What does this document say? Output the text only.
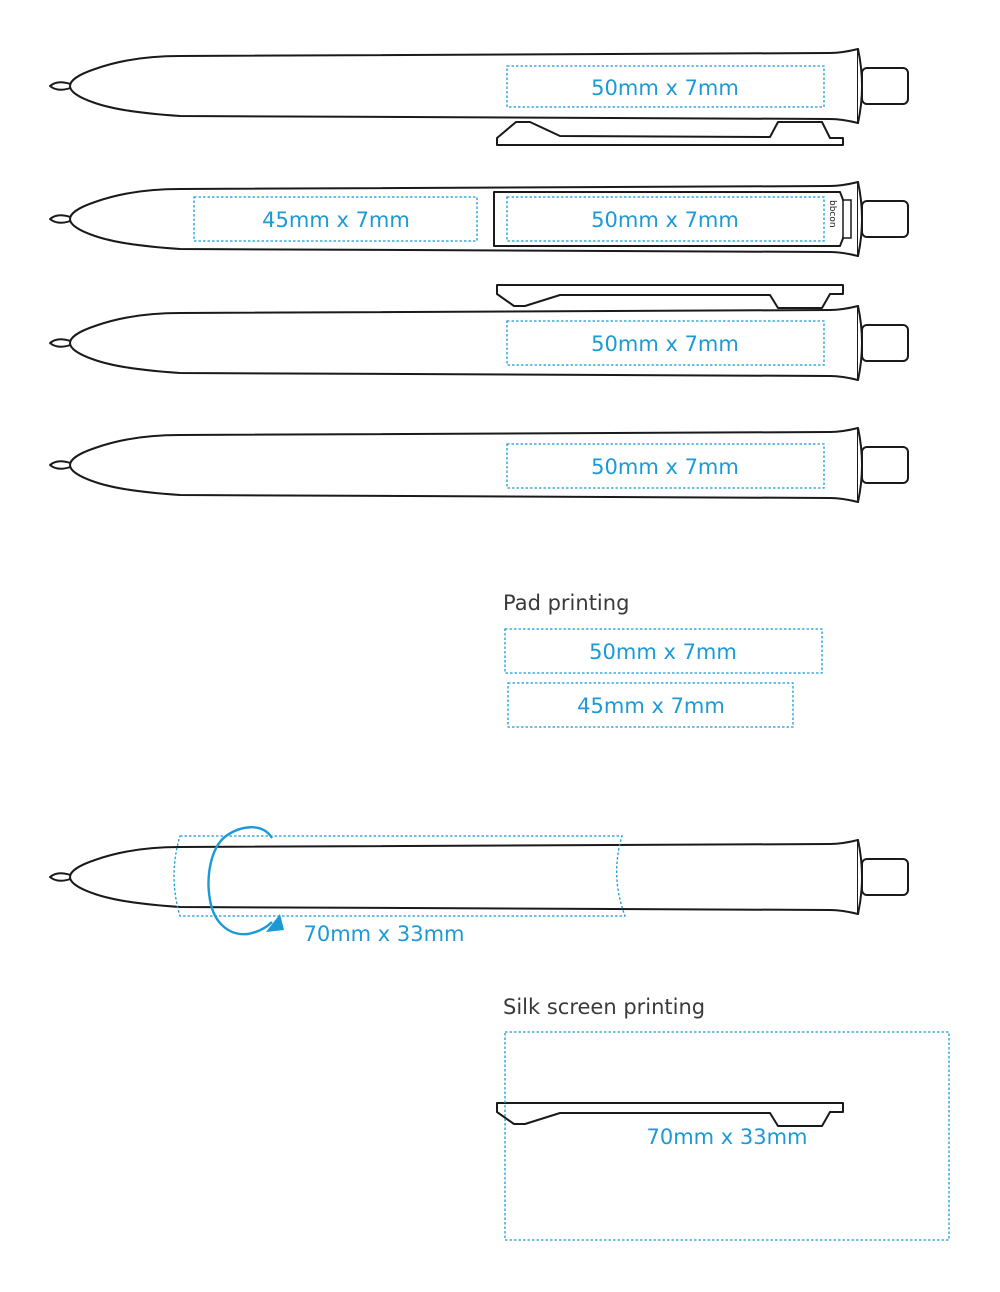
50mm x 7mm
bbcon
45mm x 7mm	50mm x 7mm
50mm x 7mm
50mm x 7mm
Pad printing
50mm x 7mm
45mm x 7mm
70mm x 33mm
Silk screen printing
70mm x 33mm
